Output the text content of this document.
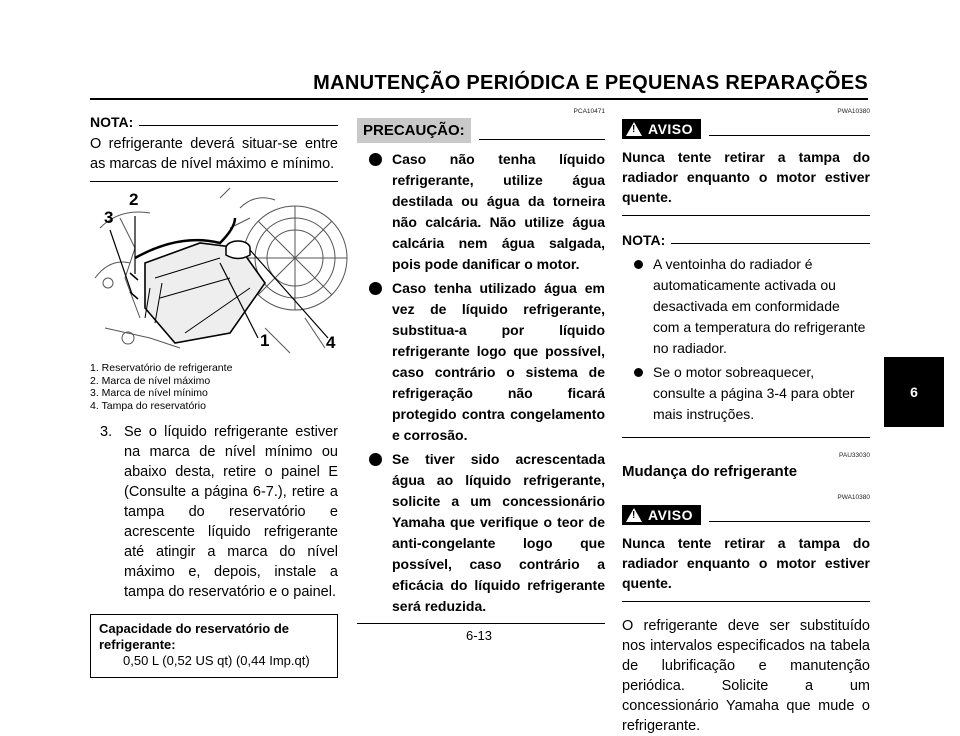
MANUTENÇÃO PERIÓDICA E PEQUENAS REPARAÇÕES
NOTA:

O refrigerante deverá situar-se entre as marcas de nível máximo e mínimo.

2
3
1	4
1. Reservatório de refrigerante
2. Marca de nível máximo
3. Marca de nível mínimo
4. Tampa do reservatório
3. Se o líquido refrigerante estiver na marca de nível mínimo ou abaixo desta, retire o painel E (Consulte a página 6-7.), retire a tampa do reservatório e acrescente líquido refrigerante até atingir a marca do nível máximo e, depois, instale a tampa do reservatório e o painel.
Capacidade do reservatório de refrigerante:
0,50 L (0,52 US qt) (0,44 Imp.qt)
PCA10471
PRECAUÇÃO:
Caso não tenha líquido refrigerante, utilize água destilada ou água da torneira não calcária. Não utilize água calcária nem água salgada, pois pode danificar o motor.
Caso tenha utilizado água em vez de líquido refrigerante, substitua-a por líquido refrigerante logo que possível, caso contrário o sistema de refrigeração não ficará protegido contra congelamento e corrosão.
Se tiver sido acrescentada água ao líquido refrigerante, solicite a um concessionário Yamaha que verifique o teor de anti-congelante logo que possível, caso contrário a eficácia do líquido refrigerante será reduzida.
PWA10380
! AVISO

Nunca tente retirar a tampa do radiador enquanto o motor estiver quente.

NOTA:
A ventoinha do radiador é automaticamente activada ou desactivada em conformidade com a temperatura do refrigerante no radiador.
Se o motor sobreaquecer, consulte a página 3-4 para obter mais instruções.
PAU33030
Mudança do refrigerante
PWA10380
! AVISO

Nunca tente retirar a tampa do radiador enquanto o motor estiver quente.

O refrigerante deve ser substituído nos intervalos especificados na tabela de lubrificação e manutenção periódica. Solicite a um concessionário Yamaha que mude o refrigerante.

6-13
6
